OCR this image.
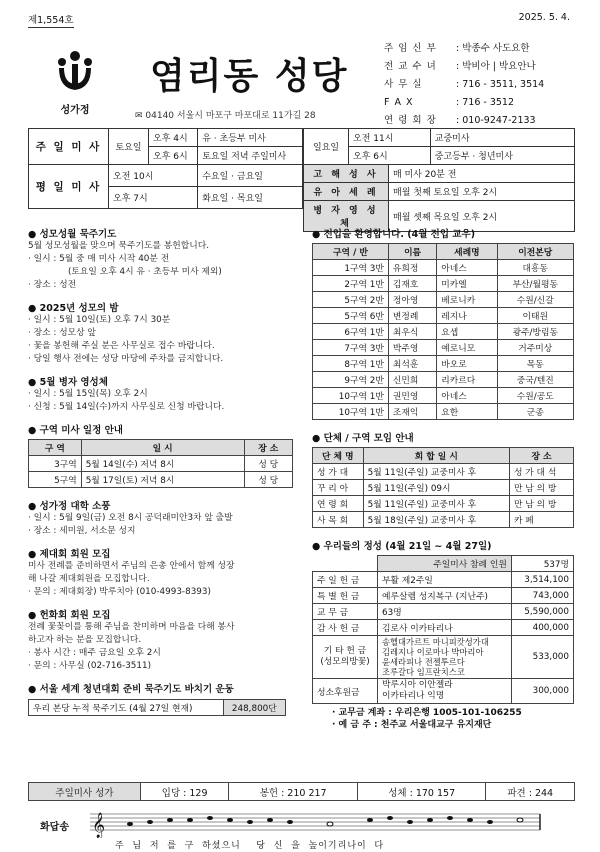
제1,554호	2025. 5. 4.
성가정
염리동 성당
✉ 04140 서울시 마포구 마포대로 11가길 28
주 임 신 부 : 박종수 사도요한
전 교 수 녀 : 박비아 | 박요안나
사 무 실	: 716 - 3511, 3514
F A X	: 716 - 3512
연 령 회 장 : 010-9247-2133
주 일 미 사	토요일	오후 4시	유 · 초등부 미사
		오후 6시	토요일 저녁 주일미사
평 일 미 사	오전 10시		수요일 · 금요일
	오후 7시		화요일 · 목요일
일요일	오전 11시	교중미사
	오후 6시	중고등부 · 청년미사
고 해 성 사	매 미사 20분 전
유 아 세 례	매월 첫째 토요일 오후 2시
병 자 영 성 체	매월 셋째 목요일 오후 2시
● 성모성월 묵주기도
5월 성모성월을 맞으며 묵주기도를 봉헌합니다.
· 일시 : 5월 중 매 미사 시작 40분 전
(토요일 오후 4시 유 · 초등부 미사 제외)
· 장소 : 성전
● 2025년 성모의 밤
· 일시 : 5월 10일(토) 오후 7시 30분
· 장소 : 성모상 앞
· 꽃을 봉헌해 주실 분은 사무실로 접수 바랍니다.
· 당일 행사 전에는 성당 마당에 주차를 금지합니다.
● 5월 병자 영성체
· 일시 : 5월 15일(목) 오후 2시
· 신청 : 5월 14일(수)까지 사무실로 신청 바랍니다.
● 구역 미사 일정 안내
구 역	일 시	장 소
3구역	5월 14일(수) 저녁 8시	성 당
5구역	5월 17일(토) 저녁 8시	성 당
● 성가정 대학 소풍
· 일시 : 5월 9일(금) 오전 8시 공덕래미안3차 앞 출발
· 장소 : 세미원, 서소문 성지
● 제대회 회원 모집
미사 전례를 준비하면서 주님의 은총 안에서 함께 성장
해 나갈 제대회원을 모집합니다.
· 문의 : 제대회장) 박루치아 (010-4993-8393)
● 헌화회 회원 모집
전례 꽃꽂이를 통해 주님을 찬미하며 마음을 다해 봉사
하고자 하는 분을 모집합니다.
· 봉사 시간 : 매주 금요일 오후 2시
· 문의 : 사무실 (02-716-3511)
● 서울 세계 청년대회 준비 묵주기도 바치기 운동
우리 본당 누적 묵주기도 (4월 27일 현재)	248,800단
● 전입을 환영합니다. (4월 전입 교우)
구역 / 반	이름	세례명	이전본당
1구역 3반	유희정	아네스	대흥동
2구역 1반	김재호	미카엘	부산/월평동
5구역 2반	정아영	베로니카	수원/신갈
5구역 6반	변정례	레지나	이태원
6구역 1반	최우식	요셉	광주/방림동
7구역 3반	박주영	예로니모	거주미상
8구역 1반	최석훈	바오로	목동
9구역 2반	신민희	리카르다	중국/텐진
10구역 1반	권민영	아네스	수원/공도
10구역 1반	조재익	요한	군종
● 단체 / 구역 모임 안내
단 체 명	회 합 일 시	장 소
성 가 대	5월 11일(주일) 교중미사 후	성 가 대 석
꾸 리 아	5월 11일(주일) 09시	만 남 의 방
연 령 회	5월 11일(주일) 교중미사 후	만 남 의 방
사 목 회	5월 18일(주일) 교중미사 후	카 페
● 우리들의 정성 (4월 21일 ~ 4월 27일)
	주일미사 참례 인원	537명
주 일 헌 금	부활 제2주일	3,514,100
특 별 헌 금	예루살렘 성지복구 (지난주)	743,000
교 무 금	63명	5,590,000
감 사 헌 금	김로사 이카타리나	400,000
기 타 헌 금
(성모의방꽃)	송헬대가르트 마니피캇성가대
김레지나 이로마나 박마리아
윤세라피나 전젤투르다
조루갈다 임프란치스코	533,000
성소후원금	박루시아 이안젤라
이카타리나 익명	300,000
· 교무금 계좌 : 우리은행 1005-101-106255
· 예 금 주 : 천주교 서울대교구 유지재단
주일미사 성가	입당 : 129	봉헌 : 210 217	성체 : 170 157	파견 : 244
화답송 𝄞
주  님  저  를  구  하셨으니    당  신  을  높이기리나이  다
